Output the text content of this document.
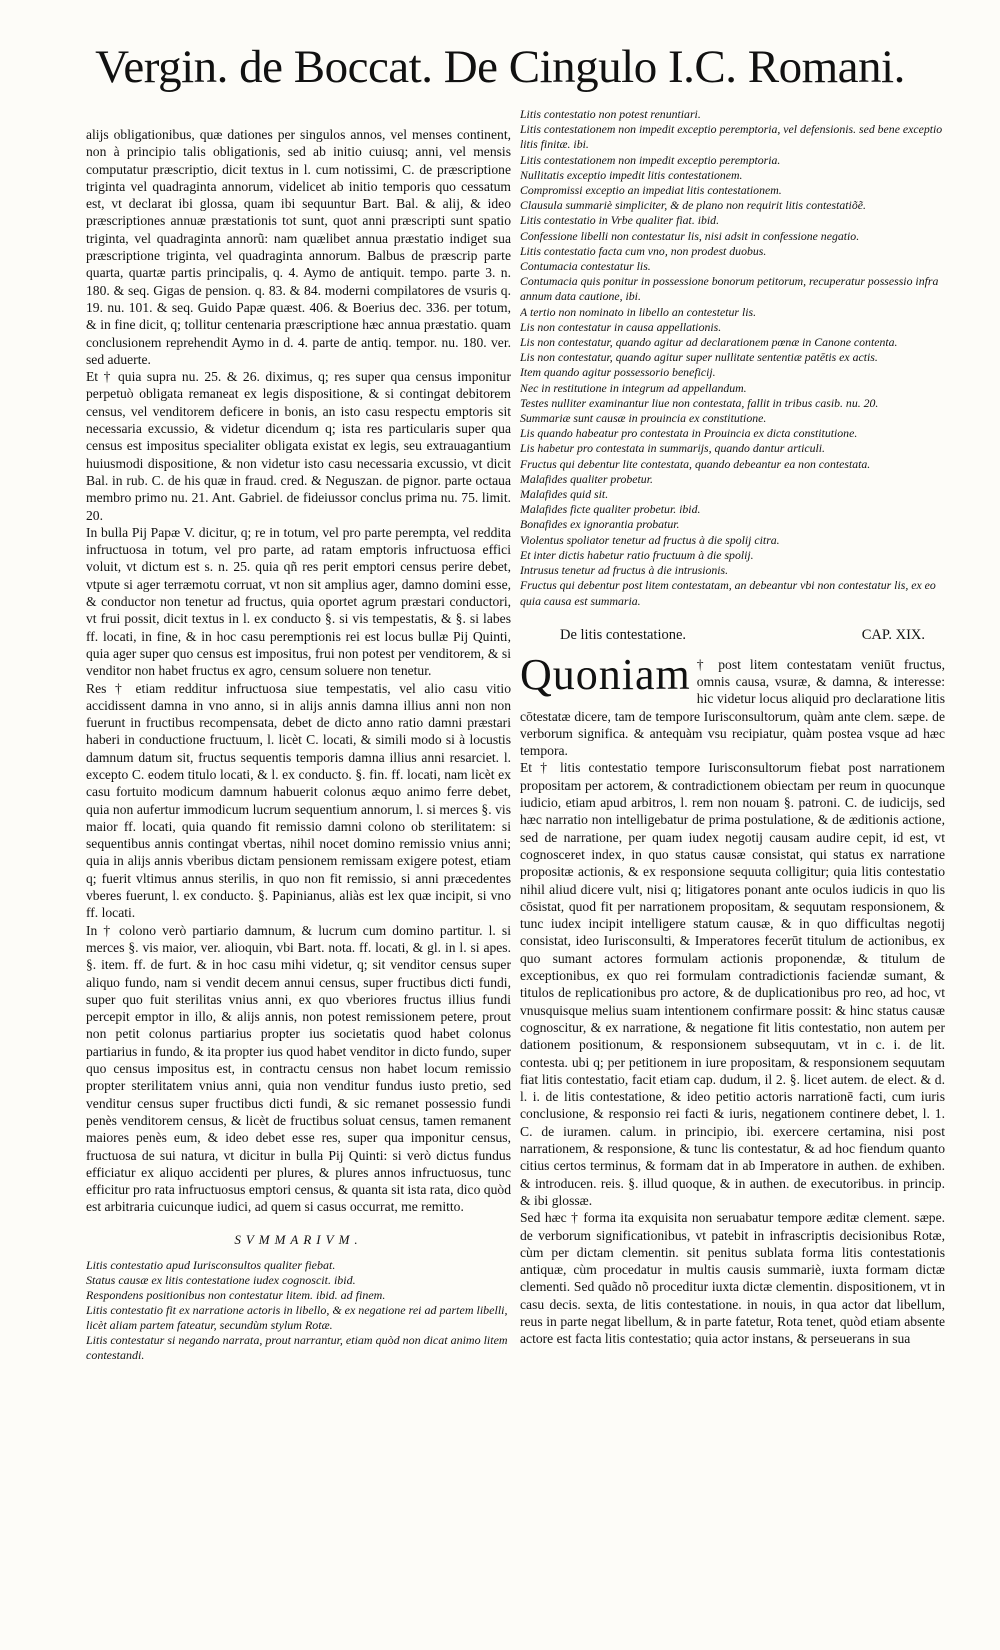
Vergin. de Boccat. De Cingulo I.C. Romani.
alijs obligationibus, quæ dationes per singulos annos, vel menses continent, non à principio talis obligationis, sed ab initio cuiusq; anni, vel mensis computatur præscriptio, dicit textus in l. cum notissimi, C. de præscriptione triginta vel quadraginta annorum, videlicet ab initio temporis quo cessatum est, vt declarat ibi glossa, quam ibi sequuntur Bart. Bal. & alij, & ideo præscriptiones annuæ præstationis tot sunt, quot anni præscripti sunt spatio triginta, vel quadraginta annorũ: nam quælibet annua præstatio indiget sua præscriptione triginta, vel quadraginta annorum. Balbus de præscrip parte quarta, quartæ partis principalis, q. 4. Aymo de antiquit. tempo. parte 3. n. 180. & seq. Gigas de pension. q. 83. & 84. moderni compilatores de vsuris q. 19. nu. 101. & seq. Guido Papæ quæst. 406. & Boerius dec. 336. per totum, & in fine dicit, q; tollitur centenaria præscriptione hæc annua præstatio. quam conclusionem reprehendit Aymo in d. 4. parte de antiq. tempor. nu. 180. ver. sed aduerte.
Et † quia supra nu. 25. & 26. diximus, q; res super qua census imponitur perpetuò obligata remaneat ex legis dispositione, & si contingat debitorem census, vel venditorem deficere in bonis, an isto casu respectu emptoris sit necessaria excussio, & videtur dicendum q; ista res particularis super qua census est impositus specialiter obligata existat ex legis, seu extrauagantium huiusmodi dispositione, & non videtur isto casu necessaria excussio, vt dicit Bal. in rub. C. de his quæ in fraud. cred. & Neguszan. de pignor. parte octaua membro primo nu. 21. Ant. Gabriel. de fideiussor conclus prima nu. 75. limit. 20.
In bulla Pij Papæ V. dicitur, q; re in totum, vel pro parte perempta, vel reddita infructuosa in totum, vel pro parte, ad ratam emptoris infructuosa effici voluit, vt dictum est s. n. 25. quia qñ res perit emptori census perire debet, vtpute si ager terræmotu corruat, vt non sit amplius ager, damno domini esse, & conductor non tenetur ad fructus, quia oportet agrum præstari conductori, vt frui possit, dicit textus in l. ex conducto §. si vis tempestatis, & §. si labes ff. locati, in fine, & in hoc casu peremptionis rei est locus bullæ Pij Quinti, quia ager super quo census est impositus, frui non potest per venditorem, & si venditor non habet fructus ex agro, censum soluere non tenetur.
Res † etiam redditur infructuosa siue tempestatis, vel alio casu vitio accidissent damna in vno anno, si in alijs annis damna illius anni non non fuerunt in fructibus recompensata, debet de dicto anno ratio damni præstari haberi in conductione fructuum, l. licèt C. locati, & simili modo si à locustis damnum datum sit, fructus sequentis temporis damna illius anni resarciet. l. excepto C. eodem titulo locati, & l. ex conducto. §. fin. ff. locati, nam licèt ex casu fortuito modicum damnum habuerit colonus æquo animo ferre debet, quia non aufertur immodicum lucrum sequentium annorum, l. si merces §. vis maior ff. locati, quia quando fit remissio damni colono ob sterilitatem: si sequentibus annis contingat vbertas, nihil nocet domino remissio vnius anni; quia in alijs annis vberibus dictam pensionem remissam exigere potest, etiam q; fuerit vltimus annus sterilis, in quo non fit remissio, si anni præcedentes vberes fuerunt, l. ex conducto. §. Papinianus, aliàs est lex quæ incipit, si vno ff. locati.
In † colono verò partiario damnum, & lucrum cum domino partitur. l. si merces §. vis maior, ver. alioquin, vbi Bart. nota. ff. locati, & gl. in l. si apes. §. item. ff. de furt. & in hoc casu mihi videtur, q; sit venditor census super aliquo fundo, nam si vendit decem annui census, super fructibus dicti fundi, super quo fuit sterilitas vnius anni, ex quo vberiores fructus illius fundi percepit emptor in illo, & alijs annis, non potest remissionem petere, prout non petit colonus partiarius propter ius societatis quod habet colonus partiarius in fundo, & ita propter ius quod habet venditor in dicto fundo, super quo census impositus est, in contractu census non habet locum remissio propter sterilitatem vnius anni, quia non venditur fundus iusto pretio, sed venditur census super fructibus dicti fundi, & sic remanet possessio fundi penès venditorem census, & licèt de fructibus soluat census, tamen remanent maiores penès eum, & ideo debet esse res, super qua imponitur census, fructuosa de sui natura, vt dicitur in bulla Pij Quinti: si verò dictus fundus efficiatur ex aliquo accidenti per plures, & plures annos infructuosus, tunc efficitur pro rata infructuosus emptori census, & quanta sit ista rata, dico quòd est arbitraria cuicunque iudici, ad quem si casus occurrat, me remitto.
SVMMARIVM.
Litis contestatio apud Iurisconsultos qualiter fiebat.
Status causæ ex litis contestatione iudex cognoscit. ibid.
Respondens positionibus non contestatur litem. ibid. ad finem.
Litis contestatio fit ex narratione actoris in libello, & ex negatione rei ad partem libelli, licèt aliam partem fateatur, secundùm stylum Rotæ.
Litis contestatur si negando narrata, prout narrantur, etiam quòd non dicat animo litem contestandi.
Litis contestatio non potest renuntiari.
Litis contestationem non impedit exceptio peremptoria, vel defensionis. sed bene exceptio litis finitæ. ibi.
Litis contestationem non impedit exceptio peremptoria.
Nullitatis exceptio impedit litis contestationem.
Compromissi exceptio an impediat litis contestationem.
Clausula summariè simpliciter, & de plano non requirit litis contestatiõẽ.
Litis contestatio in Vrbe qualiter fiat. ibid.
Confessione libelli non contestatur lis, nisi adsit in confessione negatio.
Litis contestatio facta cum vno, non prodest duobus.
Contumacia contestatur lis.
Contumacia quis ponitur in possessione bonorum petitorum, recuperatur possessio infra annum data cautione, ibi.
A tertio non nominato in libello an contestetur lis.
Lis non contestatur in causa appellationis.
Lis non contestatur, quando agitur ad declarationem pœnæ in Canone contenta.
Lis non contestatur, quando agitur super nullitate sententiæ patētis ex actis.
Item quando agitur possessorio beneficij.
Nec in restitutione in integrum ad appellandum.
Testes nulliter examinantur liue non contestata, fallit in tribus casib. nu. 20.
Summariæ sunt causæ in prouincia ex constitutione.
Lis quando habeatur pro contestata in Prouincia ex dicta constitutione.
Lis habetur pro contestata in summarijs, quando dantur articuli.
Fructus qui debentur lite contestata, quando debeantur ea non contestata.
Malafides qualiter probetur.
Malafides quid sit.
Malafides ficte qualiter probetur. ibid.
Bonafides ex ignorantia probatur.
Violentus spoliator tenetur ad fructus à die spolij citra.
Et inter dictis habetur ratio fructuum à die spolij.
Intrusus tenetur ad fructus à die intrusionis.
Fructus qui debentur post litem contestatam, an debeantur vbi non contestatur lis, ex eo quia causa est summaria.
De litis contestatione.	CAP. XIX.
Quoniam † post litem contestatam veniūt fructus, omnis causa, vsuræ, & damna, & interesse: hic videtur locus aliquid pro declaratione litis cōtestatæ dicere, tam de tempore Iurisconsultorum, quàm ante clem. sæpe. de verborum significa. & antequàm vsu recipiatur, quàm postea vsque ad hæc tempora.
Et † litis contestatio tempore Iurisconsultorum fiebat post narrationem propositam per actorem, & contradictionem obiectam per reum in quocunque iudicio, etiam apud arbitros, l. rem non nouam §. patroni. C. de iudicijs, sed hæc narratio non intelligebatur de prima postulatione, & de æditionis actione, sed de narratione, per quam iudex negotij causam audire cepit, id est, vt cognosceret index, in quo status causæ consistat, qui status ex narratione propositæ actionis, & ex responsione sequuta colligitur; quia litis contestatio nihil aliud dicere vult, nisi q; litigatores ponant ante oculos iudicis in quo lis cōsistat, quod fit per narrationem propositam, & sequutam responsionem, & tunc iudex incipit intelligere statum causæ, & in quo difficultas negotij consistat, ideo Iurisconsulti, & Imperatores fecerūt titulum de actionibus, ex quo sumant actores formulam actionis proponendæ, & titulum de exceptionibus, ex quo rei formulam contradictionis faciendæ sumant, & titulos de replicationibus pro actore, & de duplicationibus pro reo, ad hoc, vt vnusquisque melius suam intentionem confirmare possit: & hinc status causæ cognoscitur, & ex narratione, & negatione fit litis contestatio, non autem per dationem positionum, & responsionem subsequutam, vt in c. i. de lit. contesta. ubi q; per petitionem in iure propositam, & responsionem sequutam fiat litis contestatio, facit etiam cap. dudum, il 2. §. licet autem. de elect. & d. l. i. de litis contestatione, & ideo petitio actoris narrationē facti, cum iuris conclusione, & responsio rei facti & iuris, negationem continere debet, l. 1. C. de iuramen. calum. in principio, ibi. exercere certamina, nisi post narrationem, & responsione, & tunc lis contestatur, & ad hoc fiendum quanto citius certos terminus, & formam dat in ab Imperatore in authen. de exhiben. & introducen. reis. §. illud quoque, & in authen. de executoribus. in princip. & ibi glossæ.
Sed hæc † forma ita exquisita non seruabatur tempore æditæ clement. sæpe. de verborum significationibus, vt patebit in infrascriptis decisionibus Rotæ, cùm per dictam clementin. sit penitus sublata forma litis contestationis antiquæ, cùm procedatur in multis causis summariè, iuxta formam dictæ clementi. Sed quãdo nõ proceditur iuxta dictæ clementin. dispositionem, vt in casu decis. sexta, de litis contestatione. in nouis, in qua actor dat libellum, reus in parte negat libellum, & in parte fatetur, Rota tenet, quòd etiam absente actore est facta litis contestatio; quia actor instans, & perseuerans in sua
